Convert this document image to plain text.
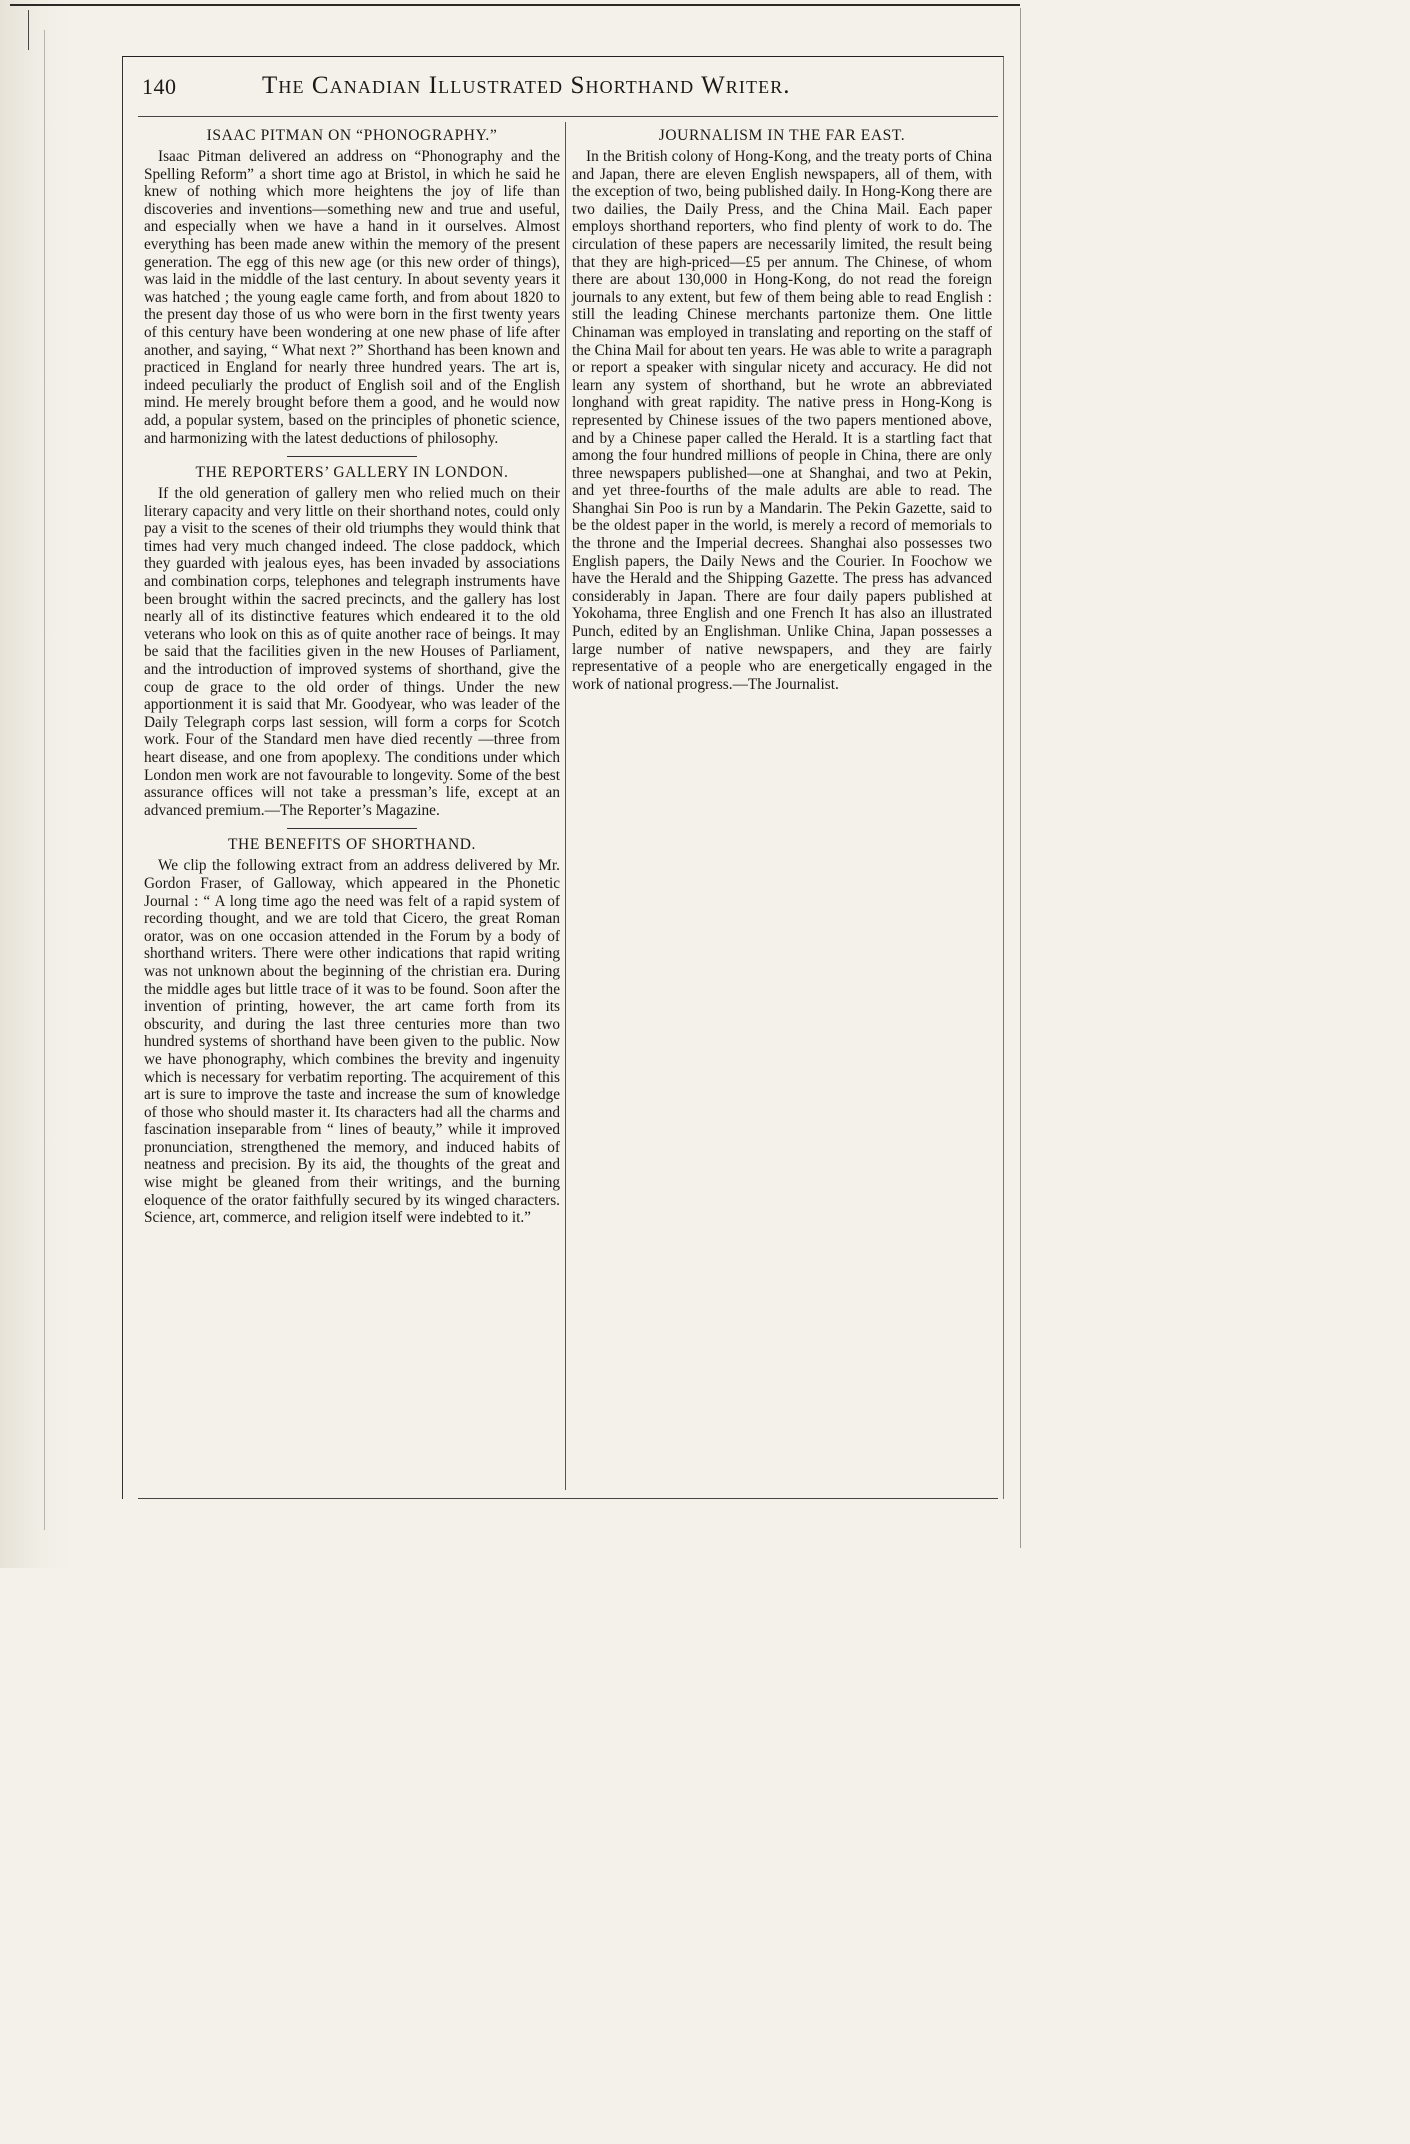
140	The Canadian Illustrated Shorthand Writer.
ISAAC PITMAN ON “PHONOGRAPHY.”

Isaac Pitman delivered an address on “Phonography and the Spelling Reform” a short time ago at Bristol, in which he said he knew of nothing which more heightens the joy of life than discoveries and inventions—something new and true and useful, and especially when we have a hand in it ourselves. Almost everything has been made anew within the memory of the present generation. The egg of this new age (or this new order of things), was laid in the middle of the last century. In about seventy years it was hatched ; the young eagle came forth, and from about 1820 to the present day those of us who were born in the first twenty years of this century have been wondering at one new phase of life after another, and saying, “ What next ?” Shorthand has been known and practiced in England for nearly three hundred years. The art is, indeed peculiarly the product of English soil and of the English mind. He merely brought before them a good, and he would now add, a popular system, based on the principles of phonetic science, and harmonizing with the latest deductions of philosophy.

THE REPORTERS’ GALLERY IN LONDON.

If the old generation of gallery men who relied much on their literary capacity and very little on their shorthand notes, could only pay a visit to the scenes of their old triumphs they would think that times had very much changed indeed. The close paddock, which they guarded with jealous eyes, has been invaded by associations and combination corps, telephones and telegraph instruments have been brought within the sacred precincts, and the gallery has lost nearly all of its distinctive features which endeared it to the old veterans who look on this as of quite another race of beings. It may be said that the facilities given in the new Houses of Parliament, and the introduction of improved systems of shorthand, give the coup de grace to the old order of things. Under the new apportionment it is said that Mr. Goodyear, who was leader of the Daily Telegraph corps last session, will form a corps for Scotch work. Four of the Standard men have died recently —three from heart disease, and one from apoplexy. The conditions under which London men work are not favourable to longevity. Some of the best assurance offices will not take a pressman’s life, except at an advanced premium.—The Reporter’s Magazine.

THE BENEFITS OF SHORTHAND.

We clip the following extract from an address delivered by Mr. Gordon Fraser, of Galloway, which appeared in the Phonetic Journal : “ A long time ago the need was felt of a rapid system of recording thought, and we are told that Cicero, the great Roman orator, was on one occasion attended in the Forum by a body of shorthand writers. There were other indications that rapid writing was not unknown about the beginning of the christian era. During the middle ages but little trace of it was to be found. Soon after the invention of printing, however, the art came forth from its obscurity, and during the last three centuries more than two hundred systems of shorthand have been given to the public. Now we have phonography, which combines the brevity and ingenuity which is necessary for verbatim reporting. The acquirement of this art is sure to improve the taste and increase the sum of knowledge of those who should master it. Its characters had all the charms and fascination inseparable from “ lines of beauty,” while it improved pronunciation, strengthened the memory, and induced habits of neatness and precision. By its aid, the thoughts of the great and wise might be gleaned from their writings, and the burning eloquence of the orator faithfully secured by its winged characters. Science, art, commerce, and religion itself were indebted to it.”

JOURNALISM IN THE FAR EAST.

In the British colony of Hong-Kong, and the treaty ports of China and Japan, there are eleven English newspapers, all of them, with the exception of two, being published daily. In Hong-Kong there are two dailies, the Daily Press, and the China Mail. Each paper employs shorthand reporters, who find plenty of work to do. The circulation of these papers are necessarily limited, the result being that they are high-priced—£5 per annum. The Chinese, of whom there are about 130,000 in Hong-Kong, do not read the foreign journals to any extent, but few of them being able to read English : still the leading Chinese merchants partonize them. One little Chinaman was employed in translating and reporting on the staff of the China Mail for about ten years. He was able to write a paragraph or report a speaker with singular nicety and accuracy. He did not learn any system of shorthand, but he wrote an abbreviated longhand with great rapidity. The native press in Hong-Kong is represented by Chinese issues of the two papers mentioned above, and by a Chinese paper called the Herald. It is a startling fact that among the four hundred millions of people in China, there are only three newspapers published—one at Shanghai, and two at Pekin, and yet three-fourths of the male adults are able to read. The Shanghai Sin Poo is run by a Mandarin. The Pekin Gazette, said to be the oldest paper in the world, is merely a record of memorials to the throne and the Imperial decrees. Shanghai also possesses two English papers, the Daily News and the Courier. In Foochow we have the Herald and the Shipping Gazette. The press has advanced considerably in Japan. There are four daily papers published at Yokohama, three English and one French It has also an illustrated Punch, edited by an Englishman. Unlike China, Japan possesses a large number of native newspapers, and they are fairly representative of a people who are energetically engaged in the work of national progress.—The Journalist.
